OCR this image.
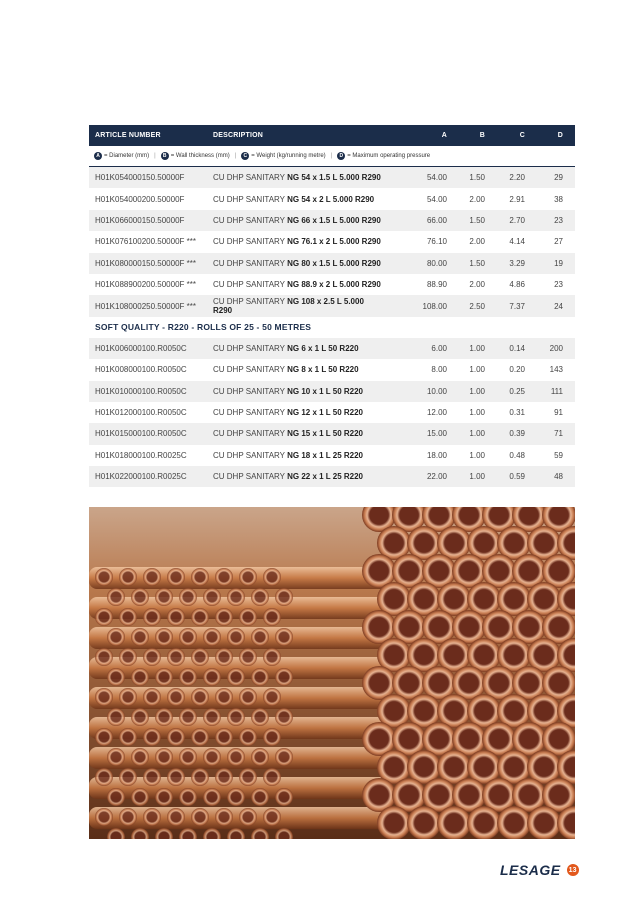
ARTICLE NUMBER	DESCRIPTION	A	B	C	D
A = Diameter (mm) |	B = Wall thickness (mm) |	C = Weight (kg/running metre) |	D = Maximum operating pressure
H01K054000150.50000F	CU DHP SANITARY NG 54 x 1.5 L 5.000 R290	54.00	1.50	2.20	29
H01K054000200.50000F	CU DHP SANITARY NG 54 x 2 L 5.000 R290	54.00	2.00	2.91	38
H01K066000150.50000F	CU DHP SANITARY NG 66 x 1.5 L 5.000 R290	66.00	1.50	2.70	23
H01K076100200.50000F ***	CU DHP SANITARY NG 76.1 x 2 L 5.000 R290	76.10	2.00	4.14	27
H01K080000150.50000F ***	CU DHP SANITARY NG 80 x 1.5 L 5.000 R290	80.00	1.50	3.29	19
H01K088900200.50000F ***	CU DHP SANITARY NG 88.9 x 2 L 5.000 R290	88.90	2.00	4.86	23
H01K108000250.50000F ***	CU DHP SANITARY NG 108 x 2.5 L 5.000 R290	108.00	2.50	7.37	24
SOFT QUALITY - R220 - ROLLS OF 25 - 50 METRES
H01K006000100.R0050C	CU DHP SANITARY NG 6 x 1 L 50 R220	6.00	1.00	0.14	200
H01K008000100.R0050C	CU DHP SANITARY NG 8 x 1 L 50 R220	8.00	1.00	0.20	143
H01K010000100.R0050C	CU DHP SANITARY NG 10 x 1 L 50 R220	10.00	1.00	0.25	111
H01K012000100.R0050C	CU DHP SANITARY NG 12 x 1 L 50 R220	12.00	1.00	0.31	91
H01K015000100.R0050C	CU DHP SANITARY NG 15 x 1 L 50 R220	15.00	1.00	0.39	71
H01K018000100.R0025C	CU DHP SANITARY NG 18 x 1 L 25 R220	18.00	1.00	0.48	59
H01K022000100.R0025C	CU DHP SANITARY NG 22 x 1 L 25 R220	22.00	1.00	0.59	48
LESAGE 13
